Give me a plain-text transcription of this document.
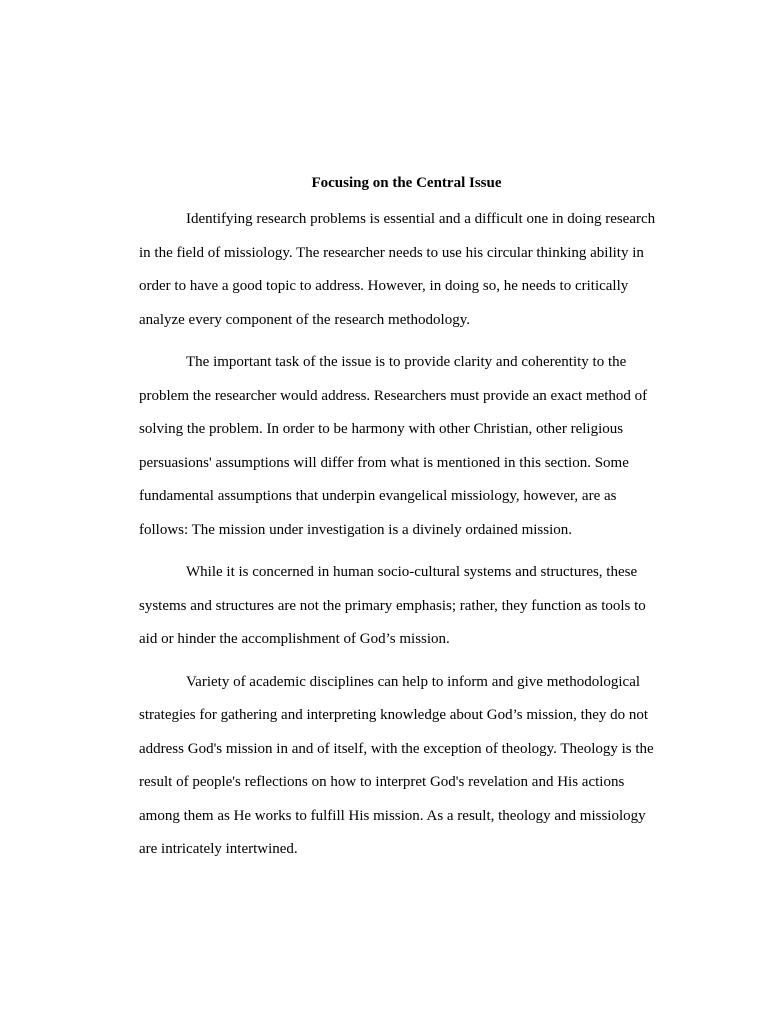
Focusing on the Central Issue
Identifying research problems is essential and a difficult one in doing research
in the field of missiology. The researcher needs to use his circular thinking ability in
order to have a good topic to address. However, in doing so, he needs to critically
analyze every component of the research methodology.
The important task of the issue is to provide clarity and coherentity to the
problem the researcher would address. Researchers must provide an exact method of
solving the problem. In order to be harmony with other Christian, other religious
persuasions' assumptions will differ from what is mentioned in this section. Some
fundamental assumptions that underpin evangelical missiology, however, are as
follows: The mission under investigation is a divinely ordained mission.
While it is concerned in human socio-cultural systems and structures, these
systems and structures are not the primary emphasis; rather, they function as tools to
aid or hinder the accomplishment of God’s mission.
Variety of academic disciplines can help to inform and give methodological
strategies for gathering and interpreting knowledge about God’s mission, they do not
address God's mission in and of itself, with the exception of theology. Theology is the
result of people's reflections on how to interpret God's revelation and His actions
among them as He works to fulfill His mission. As a result, theology and missiology
are intricately intertwined.
